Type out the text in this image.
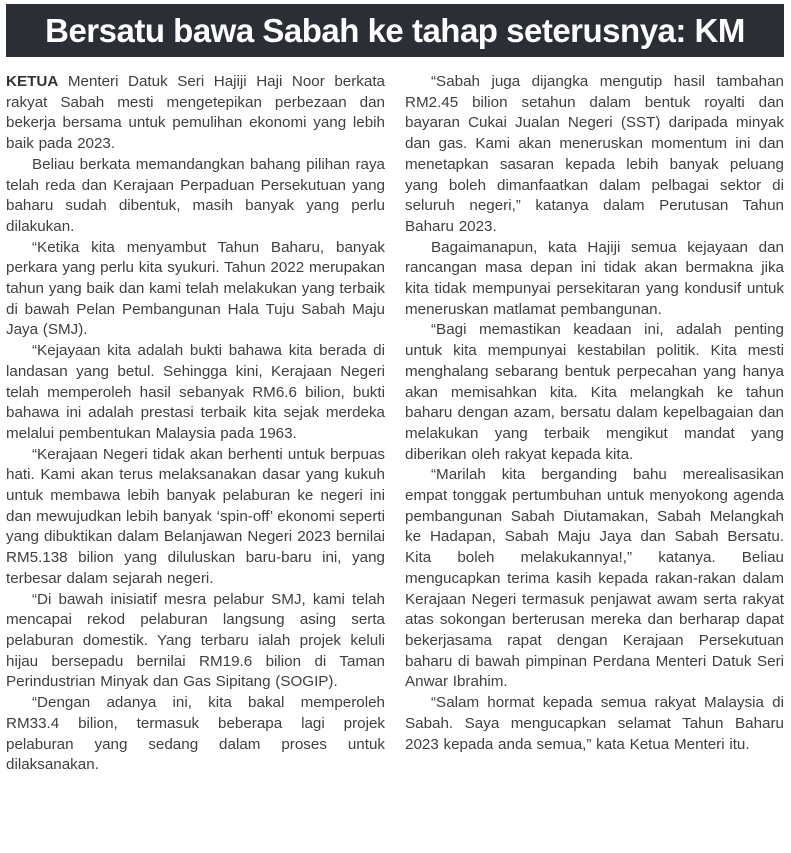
Bersatu bawa Sabah ke tahap seterusnya: KM

KETUA Menteri Datuk Seri Hajiji Haji Noor berkata rakyat Sabah mesti mengetepikan perbezaan dan bekerja bersama untuk pemulihan ekonomi yang lebih baik pada 2023.

Beliau berkata memandangkan bahang pilihan raya telah reda dan Kerajaan Perpaduan Persekutuan yang baharu sudah dibentuk, masih banyak yang perlu dilakukan.

“Ketika kita menyambut Tahun Baharu, banyak perkara yang perlu kita syukuri. Tahun 2022 merupakan tahun yang baik dan kami telah melakukan yang terbaik di bawah Pelan Pembangunan Hala Tuju Sabah Maju Jaya (SMJ).

“Kejayaan kita adalah bukti bahawa kita berada di landasan yang betul. Sehingga kini, Kerajaan Negeri telah memperoleh hasil sebanyak RM6.6 bilion, bukti bahawa ini adalah prestasi terbaik kita sejak merdeka melalui pembentukan Malaysia pada 1963.

“Kerajaan Negeri tidak akan berhenti untuk berpuas hati. Kami akan terus melaksanakan dasar yang kukuh untuk membawa lebih banyak pelaburan ke negeri ini dan mewujudkan lebih banyak ‘spin-off’ ekonomi seperti yang dibuktikan dalam Belanjawan Negeri 2023 bernilai RM5.138 bilion yang diluluskan baru-baru ini, yang terbesar dalam sejarah negeri.

“Di bawah inisiatif mesra pelabur SMJ, kami telah mencapai rekod pelaburan langsung asing serta pelaburan domestik. Yang terbaru ialah projek keluli hijau bersepadu bernilai RM19.6 bilion di Taman Perindustrian Minyak dan Gas Sipitang (SOGIP).

“Dengan adanya ini, kita bakal memperoleh RM33.4 bilion, termasuk beberapa lagi projek pelaburan yang sedang dalam proses untuk dilaksanakan.

“Sabah juga dijangka mengutip hasil tambahan RM2.45 bilion setahun dalam bentuk royalti dan bayaran Cukai Jualan Negeri (SST) daripada minyak dan gas. Kami akan meneruskan momentum ini dan menetapkan sasaran kepada lebih banyak peluang yang boleh dimanfaatkan dalam pelbagai sektor di seluruh negeri,” katanya dalam Perutusan Tahun Baharu 2023.

Bagaimanapun, kata Hajiji semua kejayaan dan rancangan masa depan ini tidak akan bermakna jika kita tidak mempunyai persekitaran yang kondusif untuk meneruskan matlamat pembangunan.

“Bagi memastikan keadaan ini, adalah penting untuk kita mempunyai kestabilan politik. Kita mesti menghalang sebarang bentuk perpecahan yang hanya akan memisahkan kita. Kita melangkah ke tahun baharu dengan azam, bersatu dalam kepelbagaian dan melakukan yang terbaik mengikut mandat yang diberikan oleh rakyat kepada kita.

“Marilah kita berganding bahu merealisasikan empat tonggak pertumbuhan untuk menyokong agenda pembangunan Sabah Diutamakan, Sabah Melangkah ke Hadapan, Sabah Maju Jaya dan Sabah Bersatu. Kita boleh melakukannya!,” katanya. Beliau mengucapkan terima kasih kepada rakan-rakan dalam Kerajaan Negeri termasuk penjawat awam serta rakyat atas sokongan berterusan mereka dan berharap dapat bekerjasama rapat dengan Kerajaan Persekutuan baharu di bawah pimpinan Perdana Menteri Datuk Seri Anwar Ibrahim.

“Salam hormat kepada semua rakyat Malaysia di Sabah. Saya mengucapkan selamat Tahun Baharu 2023 kepada anda semua,” kata Ketua Menteri itu.
